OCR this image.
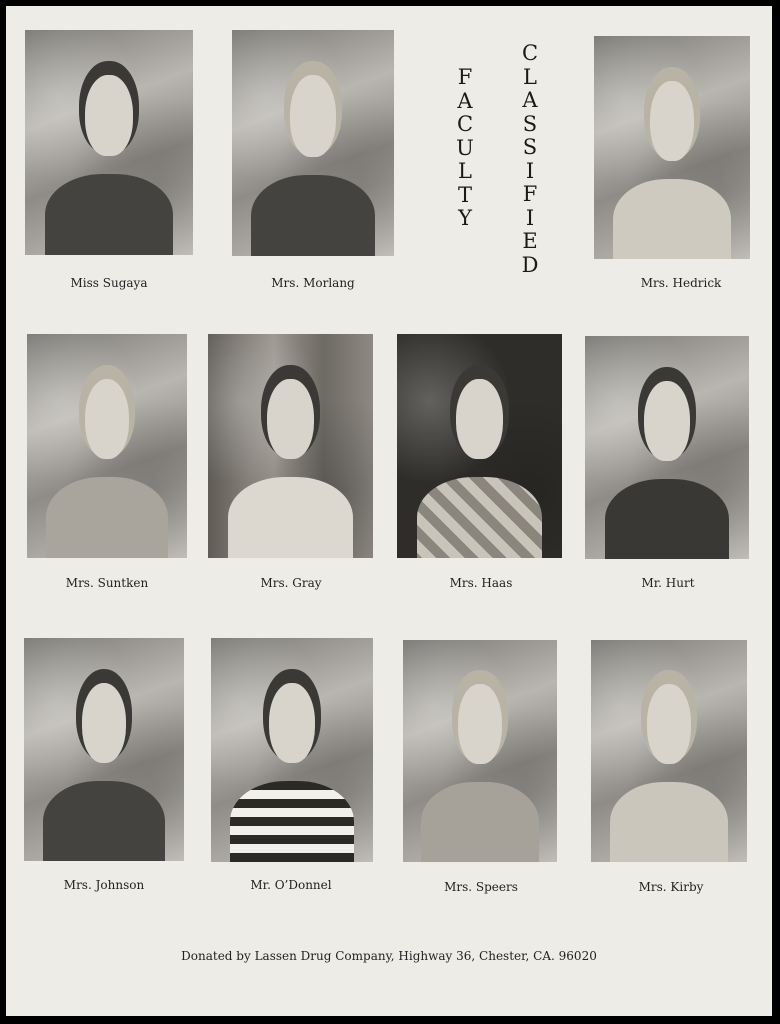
Miss Sugaya	Mrs. Morlang
F
A
C
U
L
T
Y
C
L
A
S
S
I
F
I
E
D
Mrs. Hedrick
Mrs. Suntken	Mrs. Gray	Mrs. Haas	Mr. Hurt
Mrs. Johnson	Mr. O’Donnel	Mrs. Speers	Mrs. Kirby
Donated by Lassen Drug Company, Highway 36, Chester, CA. 96020
